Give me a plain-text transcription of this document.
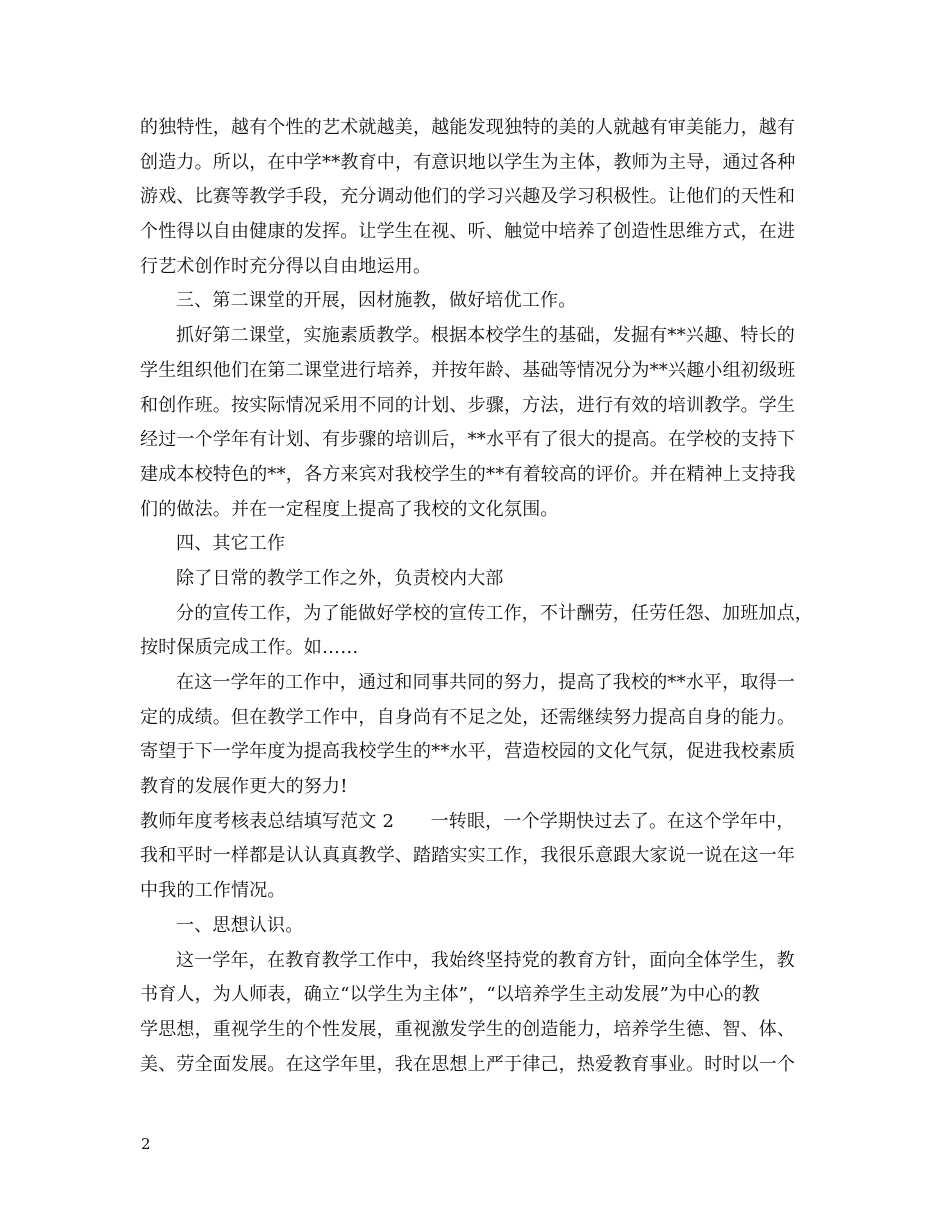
的独特性，越有个性的艺术就越美，越能发现独特的美的人就越有审美能力，越有
创造力。所以，在中学**教育中，有意识地以学生为主体，教师为主导，通过各种
游戏、比赛等教学手段，充分调动他们的学习兴趣及学习积极性。让他们的天性和
个性得以自由健康的发挥。让学生在视、听、触觉中培养了创造性思维方式，在进
行艺术创作时充分得以自由地运用。
三、第二课堂的开展，因材施教，做好培优工作。
抓好第二课堂，实施素质教学。根据本校学生的基础，发掘有**兴趣、特长的
学生组织他们在第二课堂进行培养，并按年龄、基础等情况分为**兴趣小组初级班
和创作班。按实际情况采用不同的计划、步骤，方法，进行有效的培训教学。学生
经过一个学年有计划、有步骤的培训后，**水平有了很大的提高。在学校的支持下
建成本校特色的**，各方来宾对我校学生的**有着较高的评价。并在精神上支持我
们的做法。并在一定程度上提高了我校的文化氛围。
四、其它工作
除了日常的教学工作之外，负责校内大部
分的宣传工作，为了能做好学校的宣传工作，不计酬劳，任劳任怨、加班加点，
按时保质完成工作。如……
在这一学年的工作中，通过和同事共同的努力，提高了我校的**水平，取得一
定的成绩。但在教学工作中，自身尚有不足之处，还需继续努力提高自身的能力。
寄望于下一学年度为提高我校学生的**水平，营造校园的文化气氛，促进我校素质
教育的发展作更大的努力!
教师年度考核表总结填写范文 2　　一转眼，一个学期快过去了。在这个学年中，
我和平时一样都是认认真真教学、踏踏实实工作，我很乐意跟大家说一说在这一年
中我的工作情况。
一、思想认识。
这一学年，在教育教学工作中，我始终坚持党的教育方针，面向全体学生，教
书育人，为人师表，确立“以学生为主体”，“以培养学生主动发展”为中心的教
学思想，重视学生的个性发展，重视激发学生的创造能力，培养学生德、智、体、
美、劳全面发展。在这学年里，我在思想上严于律己，热爱教育事业。时时以一个
2
